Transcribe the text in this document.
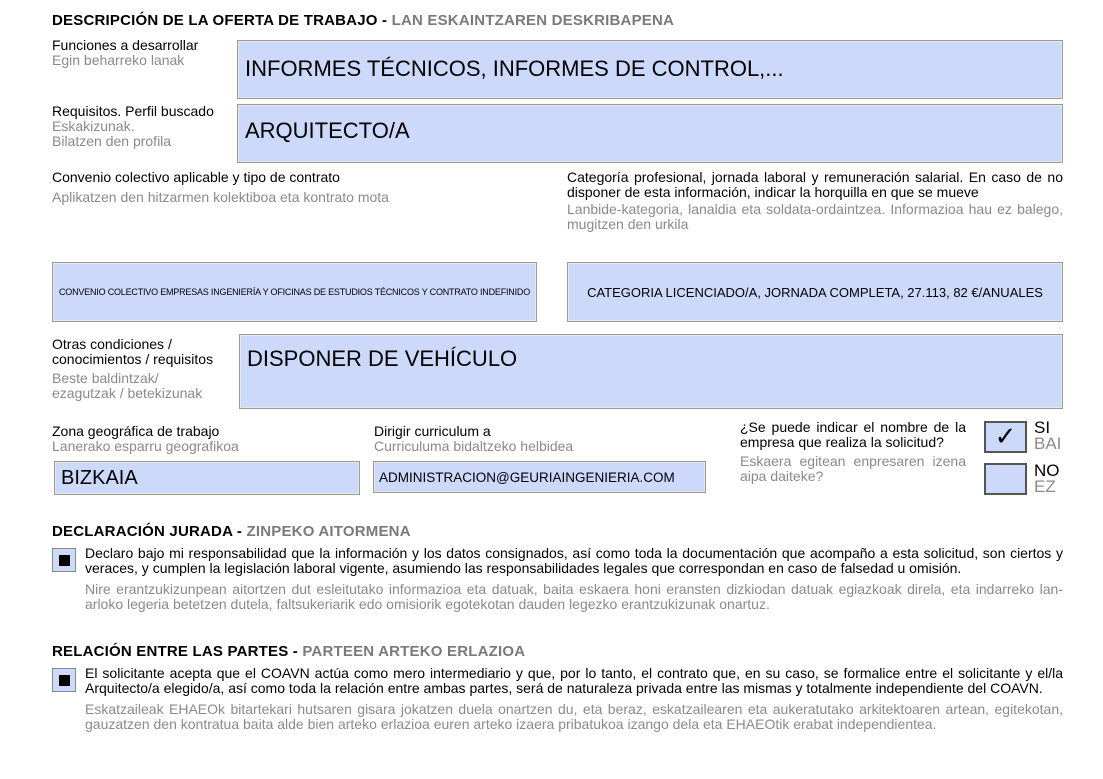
DESCRIPCIÓN DE LA OFERTA DE TRABAJO - LAN ESKAINTZAREN DESKRIBAPENA
Funciones a desarrollar
Egin beharreko lanak	INFORMES TÉCNICOS, INFORMES DE CONTROL,...
Requisitos. Perfil buscado
Eskakizunak.
Bilatzen den profila	ARQUITECTO/A
Convenio colectivo aplicable y tipo de contrato
Aplikatzen den hitzarmen kolektiboa eta kontrato mota
CONVENIO COLECTIVO EMPRESAS INGENIERÍA Y OFICINAS DE ESTUDIOS TÉCNICOS Y CONTRATO INDEFINIDO
Categoría profesional, jornada laboral y remuneración salarial. En caso de no disponer de esta información, indicar la horquilla en que se mueve
Lanbide-kategoria, lanaldia eta soldata-ordaintzea. Informazioa hau ez balego, mugitzen den urkila
CATEGORIA LICENCIADO/A, JORNADA COMPLETA, 27.113, 82 €/ANUALES
Otras condiciones /
conocimientos / requisitos
Beste baldintzak/
ezagutzak / betekizunak
DISPONER DE VEHÍCULO
Zona geográfica de trabajo
Lanerako esparru geografikoa
BIZKAIA
Dirigir curriculum a
Curriculuma bidaltzeko helbidea
ADMINISTRACION@GEURIAINGENIERIA.COM
¿Se puede indicar el nombre de la empresa que realiza la solicitud?
Eskaera egitean enpresaren izena aipa daiteke?
✓	SI
BAI
NO
EZ
DECLARACIÓN JURADA - ZINPEKO AITORMENA
Declaro bajo mi responsabilidad que la información y los datos consignados, así como toda la documentación que acompaño a esta solicitud, son ciertos y veraces, y cumplen la legislación laboral vigente, asumiendo las responsabilidades legales que correspondan en caso de falsedad u omisión.
Nire erantzukizunpean aitortzen dut esleitutako informazioa eta datuak, baita eskaera honi eransten dizkiodan datuak egiazkoak direla, eta indarreko lan-arloko legeria betetzen dutela, faltsukeriarik edo omisiorik egotekotan dauden legezko erantzukizunak onartuz.
RELACIÓN ENTRE LAS PARTES - PARTEEN ARTEKO ERLAZIOA
El solicitante acepta que el COAVN actúa como mero intermediario y que, por lo tanto, el contrato que, en su caso, se formalice entre el solicitante y el/la Arquitecto/a elegido/a, así como toda la relación entre ambas partes, será de naturaleza privada entre las mismas y totalmente independiente del COAVN.
Eskatzaileak EHAEOk bitartekari hutsaren gisara jokatzen duela onartzen du, eta beraz, eskatzailearen eta aukeratutako arkitektoaren artean, egitekotan, gauzatzen den kontratua baita alde bien arteko erlazioa euren arteko izaera pribatukoa izango dela eta EHAEOtik erabat independientea.
